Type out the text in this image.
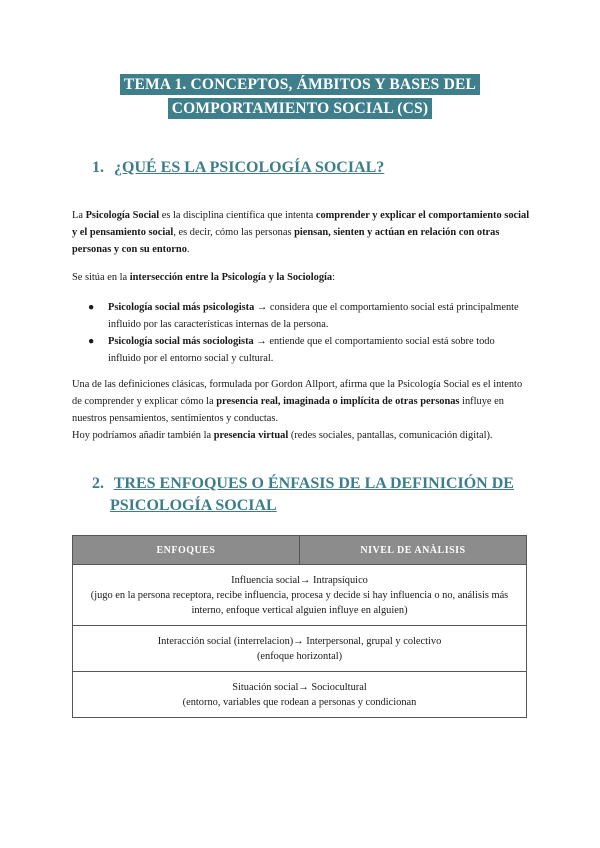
TEMA 1. CONCEPTOS, ÁMBITOS Y BASES DEL
COMPORTAMIENTO SOCIAL (CS)
1. ¿QUÉ ES LA PSICOLOGÍA SOCIAL?
La Psicología Social es la disciplina científica que intenta comprender y explicar el comportamiento social y el pensamiento social, es decir, cómo las personas piensan, sienten y actúan en relación con otras personas y con su entorno.
Se sitúa en la intersección entre la Psicología y la Sociología:
●	Psicología social más psicologista → considera que el comportamiento social está principalmente influido por las características internas de la persona.
●	Psicología social más sociologista → entiende que el comportamiento social está sobre todo influido por el entorno social y cultural.
Una de las definiciones clásicas, formulada por Gordon Allport, afirma que la Psicología Social es el intento de comprender y explicar cómo la presencia real, imaginada o implícita de otras personas influye en nuestros pensamientos, sentimientos y conductas.
Hoy podríamos añadir también la presencia virtual (redes sociales, pantallas, comunicación digital).
2. TRES ENFOQUES O ÉNFASIS DE LA DEFINICIÓN DE
PSICOLOGÍA SOCIAL
ENFOQUES	NIVEL DE ANÀLISIS
Influencia social→ Intrapsíquico
(jugo en la persona receptora, recibe influencia, procesa y decide si hay influencia o no, análisis más interno, enfoque vertical alguien influye en alguien)
Interacción social (interrelacion)→ Interpersonal, grupal y colectivo
(enfoque horizontal)
Situación social→ Sociocultural
(entorno, variables que rodean a personas y condicionan
